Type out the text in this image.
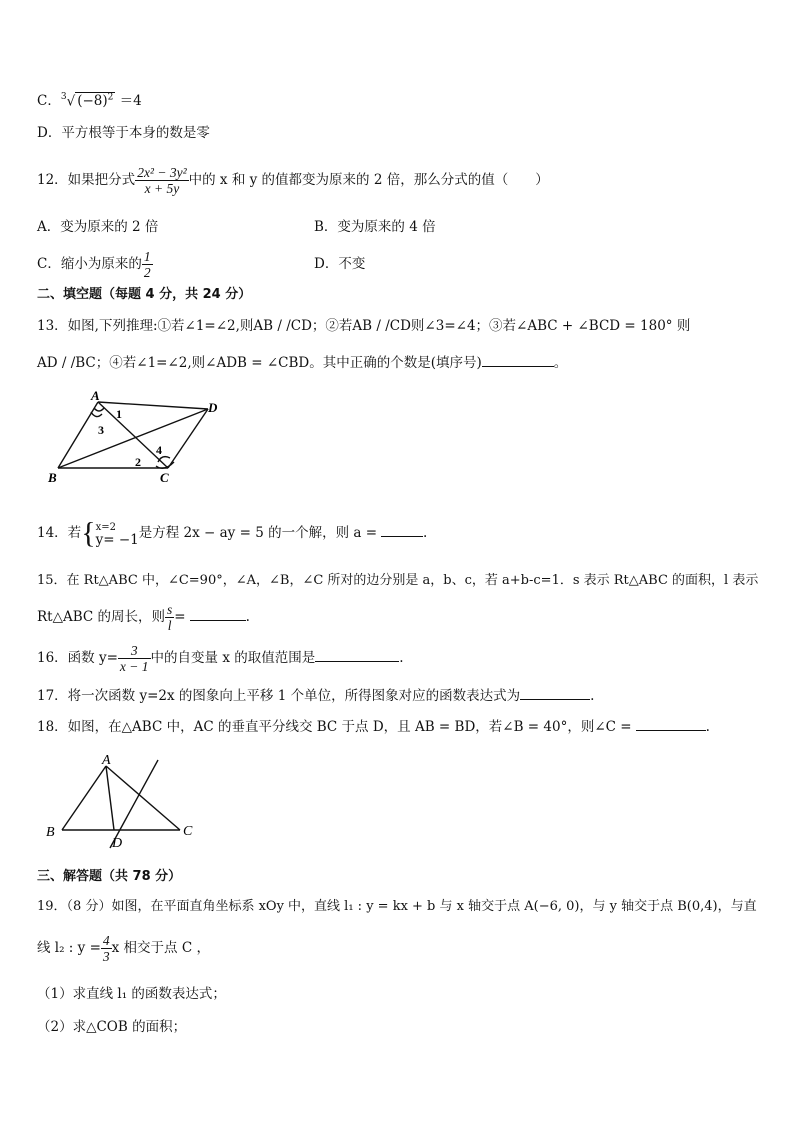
C．$^3$√ $(-8)^2 =4$
D．平方根等于本身的数是零
12．如果把分式 $\frac{\text{2x² − 3y²}}{x + 5y}$ 中的 x 和 y 的值都变为原来的 2 倍，那么分式的值（　　）
A．变为原来的 2 倍	B．变为原来的 4 倍
C．缩小为原来的 $\frac{1}{2}$	D．不变
二、填空题（每题 4 分，共 24 分）
13．如图,下列推理:①若∠1=∠2,则AB / /CD；②若AB / /CD则∠3=∠4；③若∠ABC + ∠BCD = 180° 则
AD / /BC；④若∠1=∠2,则∠ADB = ∠CBD。其中正确的个数是(填序号)	。
A
D
B	C
1
3
2
4
14．若{ x=2
y= −1 是方程 2x − ay = 5 的一个解，则 a =	.
15．在 Rt△ABC 中，∠C=90°，∠A，∠B，∠C 所对的边分别是 a，b、c，若 a+b-c=1．s 表示 Rt△ABC 的面积，l 表示
Rt△ABC 的周长，则 $\frac{s}{l}$ =	.
16．函数 $y= \frac{3}{x - 1}$ 中的自变量 x 的取值范围是	.
17．将一次函数 y=2x 的图象向上平移 1 个单位，所得图象对应的函数表达式为	.
18．如图，在△ABC 中，AC 的垂直平分线交 BC 于点 D，且 AB = BD，若∠B = 40°，则∠C =	.
A
B	C
D
三、解答题（共 78 分）
19．（8 分）如图，在平面直角坐标系 xOy 中，直线 l₁ : y = kx + b 与 x 轴交于点 A(−6, 0)，与 y 轴交于点 B(0,4)，与直
线 l₂ : $y = \frac{4}{3}$ x 相交于点 C ，
（1）求直线 l₁ 的函数表达式；
（2）求△COB 的面积；
